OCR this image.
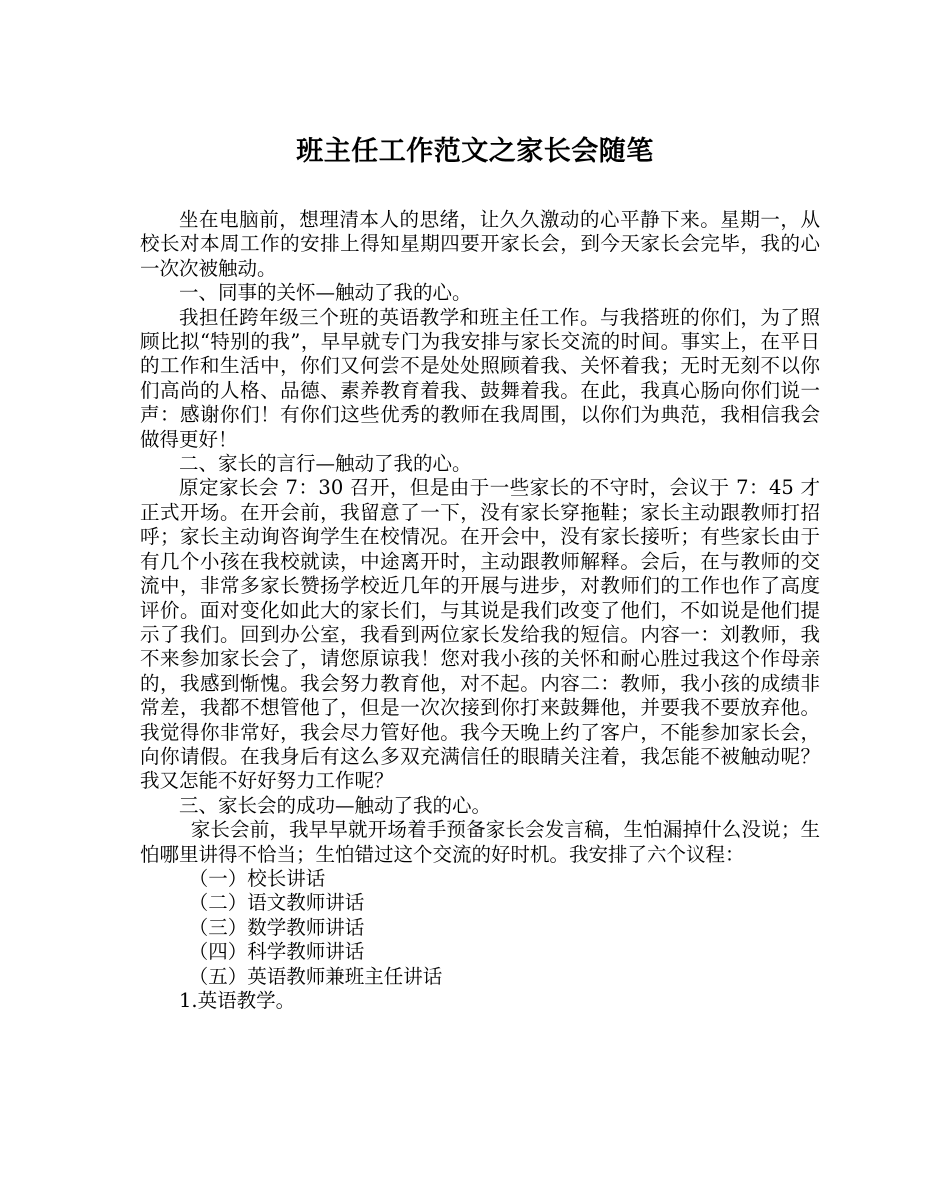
班主任工作范文之家长会随笔

坐在电脑前，想理清本人的思绪，让久久激动的心平静下来。星期一，从校长对本周工作的安排上得知星期四要开家长会，到今天家长会完毕，我的心一次次被触动。

一、同事的关怀—触动了我的心。

我担任跨年级三个班的英语教学和班主任工作。与我搭班的你们，为了照顾比拟“特别的我”，早早就专门为我安排与家长交流的时间。事实上，在平日的工作和生活中，你们又何尝不是处处照顾着我、关怀着我；无时无刻不以你们高尚的人格、品德、素养教育着我、鼓舞着我。在此，我真心肠向你们说一声：感谢你们！有你们这些优秀的教师在我周围，以你们为典范，我相信我会做得更好！

二、家长的言行—触动了我的心。

原定家长会 7：30 召开，但是由于一些家长的不守时，会议于 7：45 才正式开场。在开会前，我留意了一下，没有家长穿拖鞋；家长主动跟教师打招呼；家长主动询咨询学生在校情况。在开会中，没有家长接听；有些家长由于有几个小孩在我校就读，中途离开时，主动跟教师解释。会后，在与教师的交流中，非常多家长赞扬学校近几年的开展与进步，对教师们的工作也作了高度评价。面对变化如此大的家长们，与其说是我们改变了他们，不如说是他们提示了我们。回到办公室，我看到两位家长发给我的短信。内容一：刘教师，我不来参加家长会了，请您原谅我！您对我小孩的关怀和耐心胜过我这个作母亲的，我感到惭愧。我会努力教育他，对不起。内容二：教师，我小孩的成绩非常差，我都不想管他了，但是一次次接到你打来鼓舞他，并要我不要放弃他。我觉得你非常好，我会尽力管好他。我今天晚上约了客户，不能参加家长会，向你请假。在我身后有这么多双充满信任的眼睛关注着，我怎能不被触动呢？我又怎能不好好努力工作呢？

三、家长会的成功—触动了我的心。

家长会前，我早早就开场着手预备家长会发言稿，生怕漏掉什么没说；生怕哪里讲得不恰当；生怕错过这个交流的好时机。我安排了六个议程：

（一）校长讲话

（二）语文教师讲话

（三）数学教师讲话

（四）科学教师讲话

（五）英语教师兼班主任讲话

1.英语教学。
